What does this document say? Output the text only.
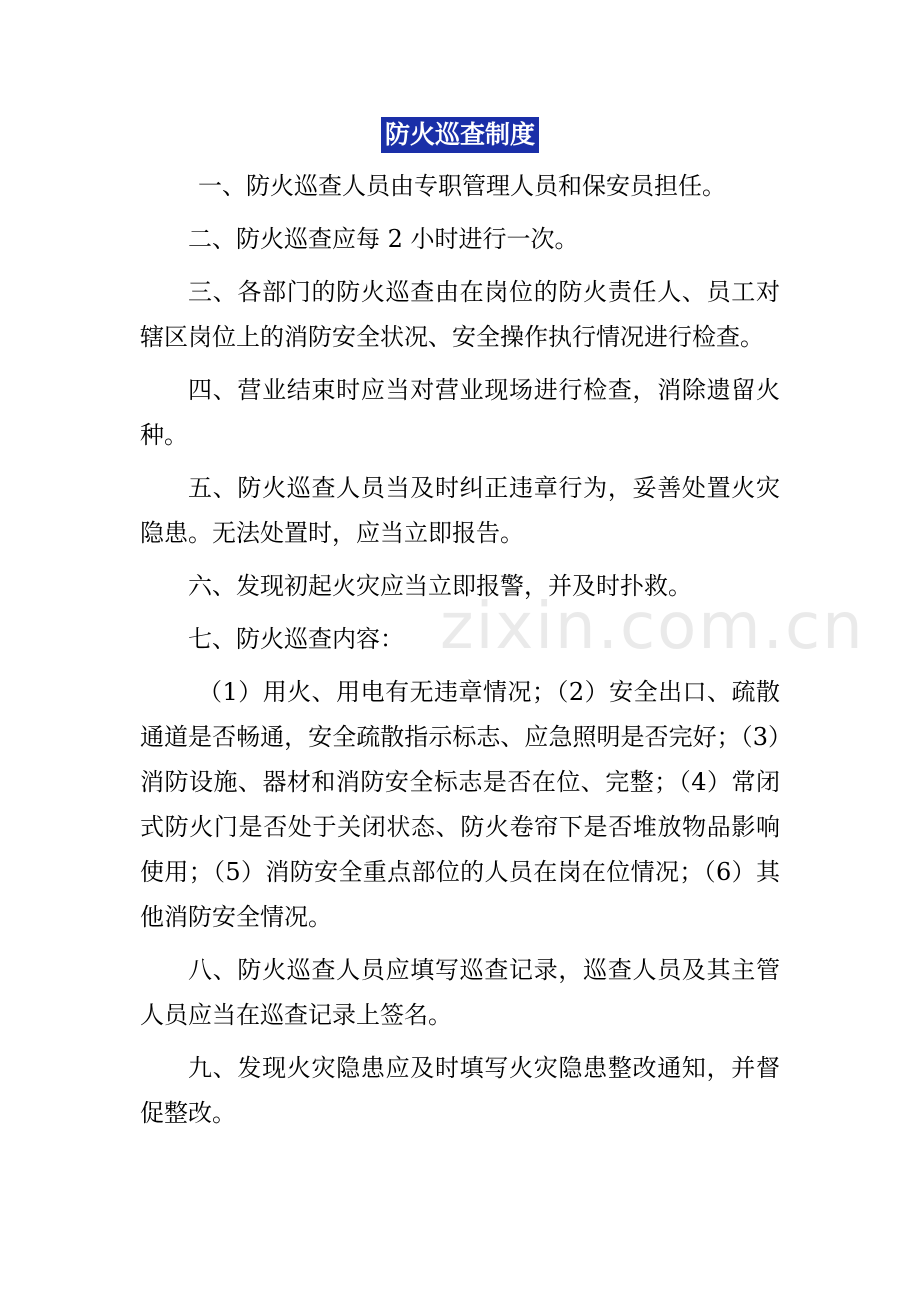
防火巡查制度

一、防火巡查人员由专职管理人员和保安员担任。

二、防火巡查应每 2 小时进行一次。

三、各部门的防火巡查由在岗位的防火责任人、员工对辖区岗位上的消防安全状况、安全操作执行情况进行检查。

四、营业结束时应当对营业现场进行检查，消除遗留火种。

五、防火巡查人员当及时纠正违章行为，妥善处置火灾隐患。无法处置时，应当立即报告。

六、发现初起火灾应当立即报警，并及时扑救。

七、防火巡查内容：

（1）用火、用电有无违章情况；（2）安全出口、疏散通道是否畅通，安全疏散指示标志、应急照明是否完好；（3）消防设施、器材和消防安全标志是否在位、完整；（4）常闭式防火门是否处于关闭状态、防火卷帘下是否堆放物品影响使用；（5）消防安全重点部位的人员在岗在位情况；（6）其他消防安全情况。

八、防火巡查人员应填写巡查记录，巡查人员及其主管人员应当在巡查记录上签名。

九、发现火灾隐患应及时填写火灾隐患整改通知，并督促整改。

zixin.com.cn
